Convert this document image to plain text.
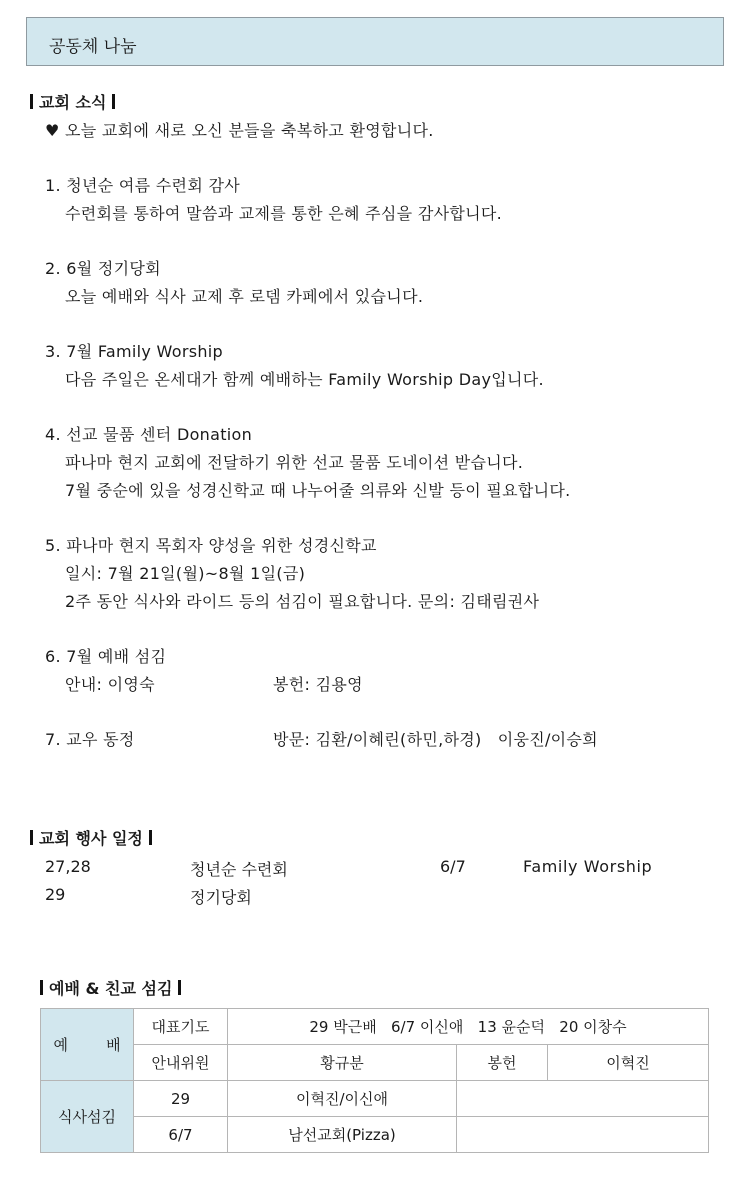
공동체 나눔
교회 소식
♥ 오늘 교회에 새로 오신 분들을 축복하고 환영합니다.
1. 청년순 여름 수련회 감사
수련회를 통하여 말씀과 교제를 통한 은혜 주심을 감사합니다.
2. 6월 정기당회
오늘 예배와 식사 교제 후 로뎀 카페에서 있습니다.
3. 7월 Family Worship
다음 주일은 온세대가 함께 예배하는 Family Worship Day입니다.
4. 선교 물품 센터 Donation
파나마 현지 교회에 전달하기 위한 선교 물품 도네이션 받습니다.
7월 중순에 있을 성경신학교 때 나누어줄 의류와 신발 등이 필요합니다.
5. 파나마 현지 목회자 양성을 위한 성경신학교
일시: 7월 21일(월)~8월 1일(금)
2주 동안 식사와 라이드 등의 섬김이 필요합니다. 문의: 김태림권사
6. 7월 예배 섬김
안내: 이영숙	봉헌: 김용영
7. 교우 동정	방문: 김환/이혜린(하민,하경)   이웅진/이승희
교회 행사 일정
27,28	청년순 수련회	6/7	Family Worship
29	정기당회
예배 & 친교 섬김
예        배	대표기도	29 박근배   6/7 이신애   13 윤순덕   20 이창수		
	안내위원	황규분	봉헌	이혁진
식사섬김	29	이혁진/이신애		
	6/7	남선교회(Pizza)		
